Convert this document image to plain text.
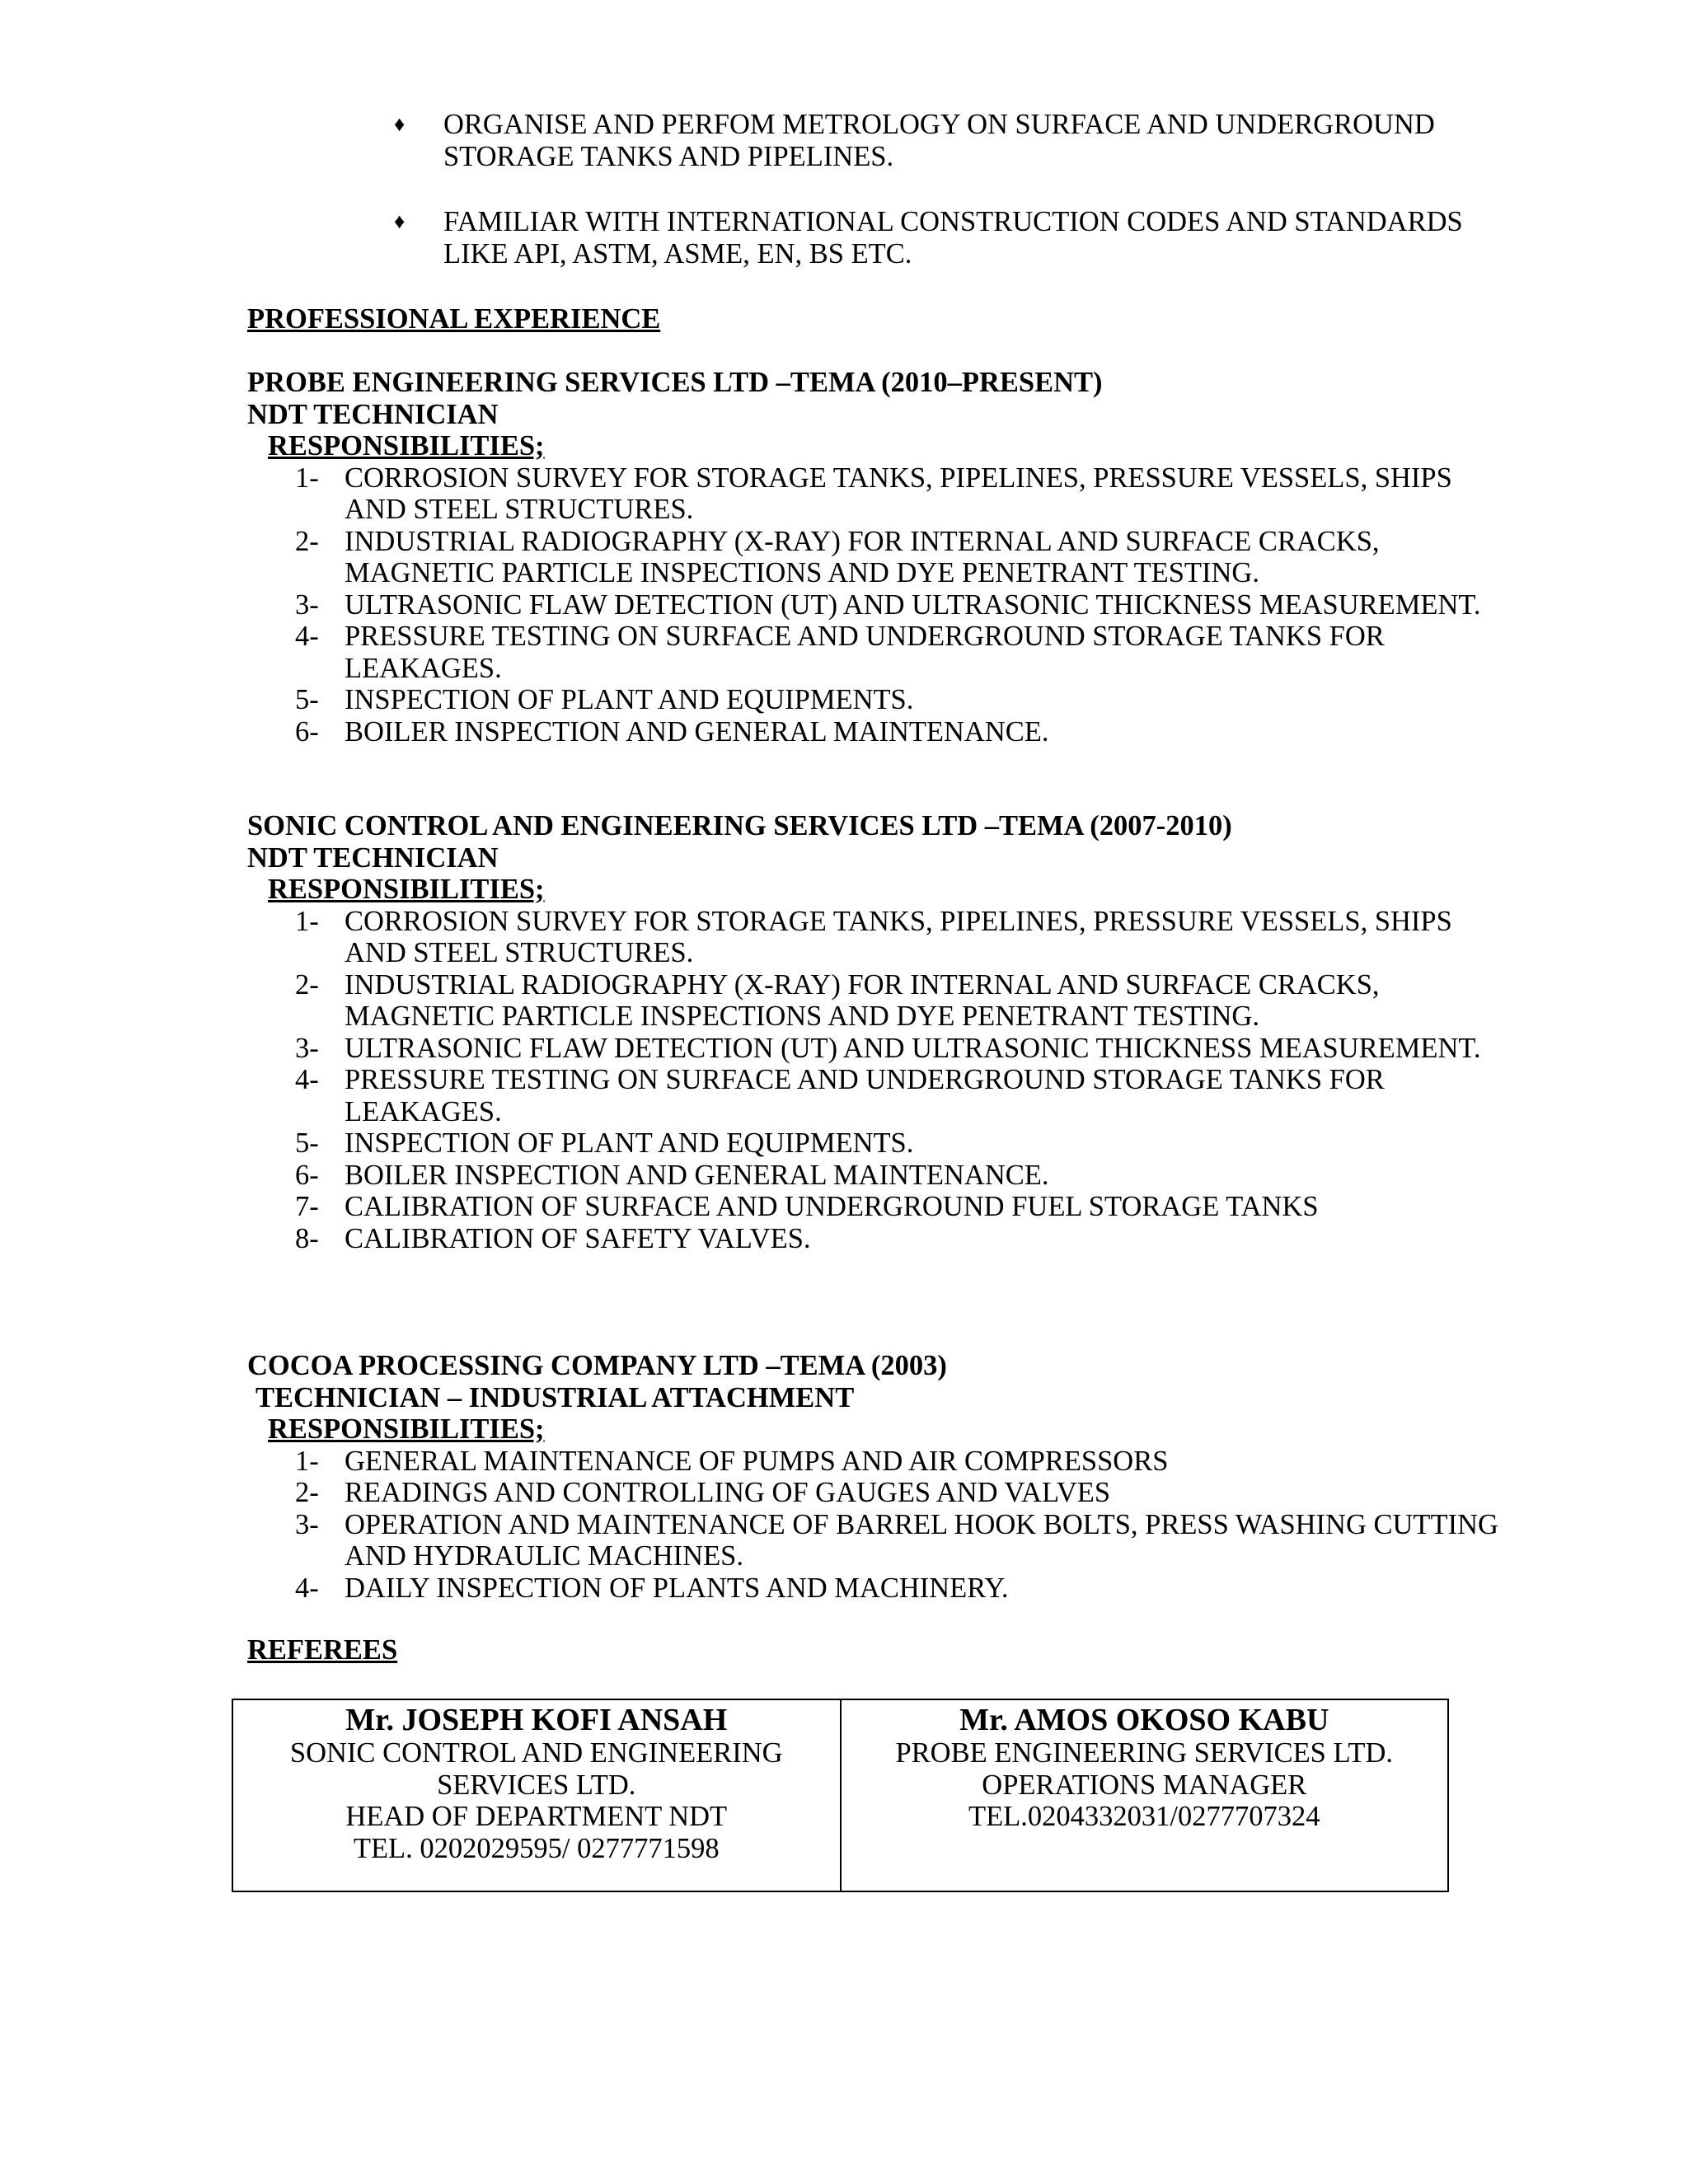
♦	ORGANISE AND PERFOM METROLOGY ON SURFACE AND UNDERGROUND STORAGE TANKS AND PIPELINES.
♦	FAMILIAR WITH INTERNATIONAL CONSTRUCTION CODES AND STANDARDS LIKE API, ASTM, ASME, EN, BS ETC.
PROFESSIONAL EXPERIENCE
PROBE ENGINEERING SERVICES LTD –TEMA (2010–PRESENT)
NDT TECHNICIAN
RESPONSIBILITIES;
1- CORROSION SURVEY FOR STORAGE TANKS, PIPELINES, PRESSURE VESSELS, SHIPS AND STEEL STRUCTURES.
2- INDUSTRIAL RADIOGRAPHY (X-RAY) FOR INTERNAL AND SURFACE CRACKS, MAGNETIC PARTICLE INSPECTIONS AND DYE PENETRANT TESTING.
3- ULTRASONIC FLAW DETECTION (UT) AND ULTRASONIC THICKNESS MEASUREMENT.
4- PRESSURE TESTING ON SURFACE AND UNDERGROUND STORAGE TANKS FOR LEAKAGES.
5- INSPECTION OF PLANT AND EQUIPMENTS.
6- BOILER INSPECTION AND GENERAL MAINTENANCE.
SONIC CONTROL AND ENGINEERING SERVICES LTD –TEMA (2007-2010)
NDT TECHNICIAN
RESPONSIBILITIES;
1- CORROSION SURVEY FOR STORAGE TANKS, PIPELINES, PRESSURE VESSELS, SHIPS AND STEEL STRUCTURES.
2- INDUSTRIAL RADIOGRAPHY (X-RAY) FOR INTERNAL AND SURFACE CRACKS, MAGNETIC PARTICLE INSPECTIONS AND DYE PENETRANT TESTING.
3- ULTRASONIC FLAW DETECTION (UT) AND ULTRASONIC THICKNESS MEASUREMENT.
4- PRESSURE TESTING ON SURFACE AND UNDERGROUND STORAGE TANKS FOR LEAKAGES.
5- INSPECTION OF PLANT AND EQUIPMENTS.
6- BOILER INSPECTION AND GENERAL MAINTENANCE.
7- CALIBRATION OF SURFACE AND UNDERGROUND FUEL STORAGE TANKS
8- CALIBRATION OF SAFETY VALVES.
COCOA PROCESSING COMPANY LTD –TEMA (2003)
TECHNICIAN – INDUSTRIAL ATTACHMENT
RESPONSIBILITIES;
1- GENERAL MAINTENANCE OF PUMPS AND AIR COMPRESSORS
2- READINGS AND CONTROLLING OF GAUGES AND VALVES
3- OPERATION AND MAINTENANCE OF BARREL HOOK BOLTS, PRESS WASHING CUTTING AND HYDRAULIC MACHINES.
4- DAILY INSPECTION OF PLANTS AND MACHINERY.
REFEREES
Mr. JOSEPH KOFI ANSAH
SONIC CONTROL AND ENGINEERING
SERVICES LTD.
HEAD OF DEPARTMENT NDT
TEL. 0202029595/ 0277771598
Mr. AMOS OKOSO KABU
PROBE ENGINEERING SERVICES LTD.
OPERATIONS MANAGER
TEL.0204332031/0277707324
